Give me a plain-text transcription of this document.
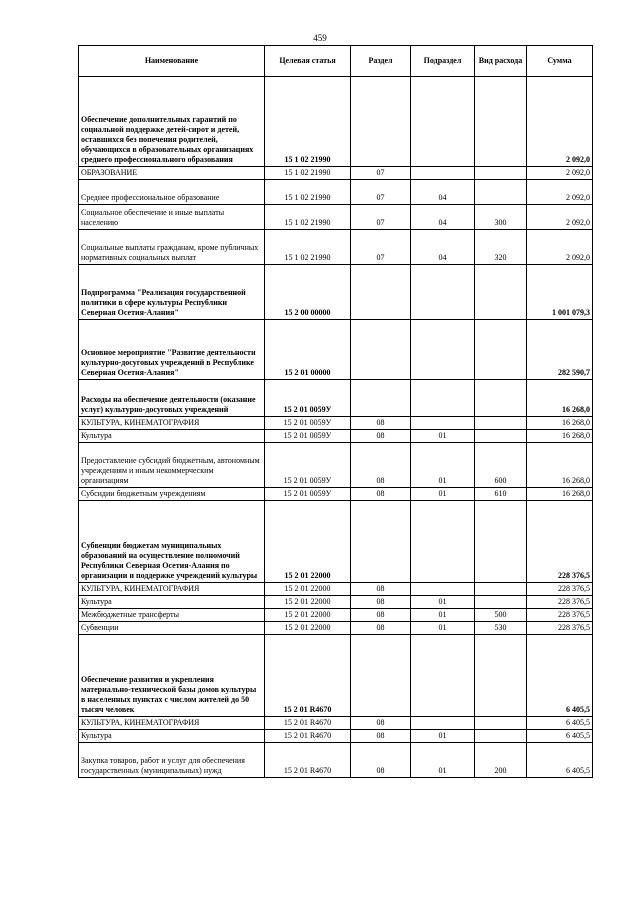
459
Наименование	Целевая статья	Раздел	Подраздел	Вид расхода	Сумма
Обеспечение дополнительных гарантий по социальной поддержке детей-сирот и детей, оставшихся без попечения родителей, обучающихся в образовательных организациях среднего профессионального образования	15 1 02 21990				2 092,0
ОБРАЗОВАНИЕ	15 1 02 21990	07			2 092,0
Среднее профессиональное образование	15 1 02 21990	07	04		2 092,0
Социальное обеспечение и иные выплаты населению	15 1 02 21990	07	04	300	2 092,0
Социальные выплаты гражданам, кроме публичных нормативных социальных выплат	15 1 02 21990	07	04	320	2 092,0
Подпрограмма "Реализация государственной политики в сфере культуры Республики Северная Осетия-Алания"	15 2 00 00000				1 001 079,3
Основное мероприятие "Развитие деятельности культурно-досуговых учреждений в Республике Северная Осетия-Алания"	15 2 01 00000				282 590,7
Расходы на обеспечение деятельности (оказание услуг) культурно-досуговых учреждений	15 2 01 0059У				16 268,0
КУЛЬТУРА, КИНЕМАТОГРАФИЯ	15 2 01 0059У	08			16 268,0
Культура	15 2 01 0059У	08	01		16 268,0
Предоставление субсидий бюджетным, автономным учреждениям и иным некоммерческим организациям	15 2 01 0059У	08	01	600	16 268,0
Субсидии бюджетным учреждениям	15 2 01 0059У	08	01	610	16 268,0
Субвенции бюджетам муниципальных образований на осуществление полномочий Республики Северная Осетия-Алания по организации и поддержке учреждений культуры	15 2 01 22000				228 376,5
КУЛЬТУРА, КИНЕМАТОГРАФИЯ	15 2 01 22000	08			228 376,5
Культура	15 2 01 22000	08	01		228 376,5
Межбюджетные трансферты	15 2 01 22000	08	01	500	228 376,5
Субвенции	15 2 01 22000	08	01	530	228 376,5
Обеспечение развития и укрепления материально-технической базы домов культуры в населенных пунктах с числом жителей до 50 тысяч человек	15 2 01 R4670				6 405,5
КУЛЬТУРА, КИНЕМАТОГРАФИЯ	15 2 01 R4670	08			6 405,5
Культура	15 2 01 R4670	08	01		6 405,5
Закупка товаров, работ и услуг для обеспечения государственных (муниципальных) нужд	15 2 01 R4670	08	01	200	6 405,5
